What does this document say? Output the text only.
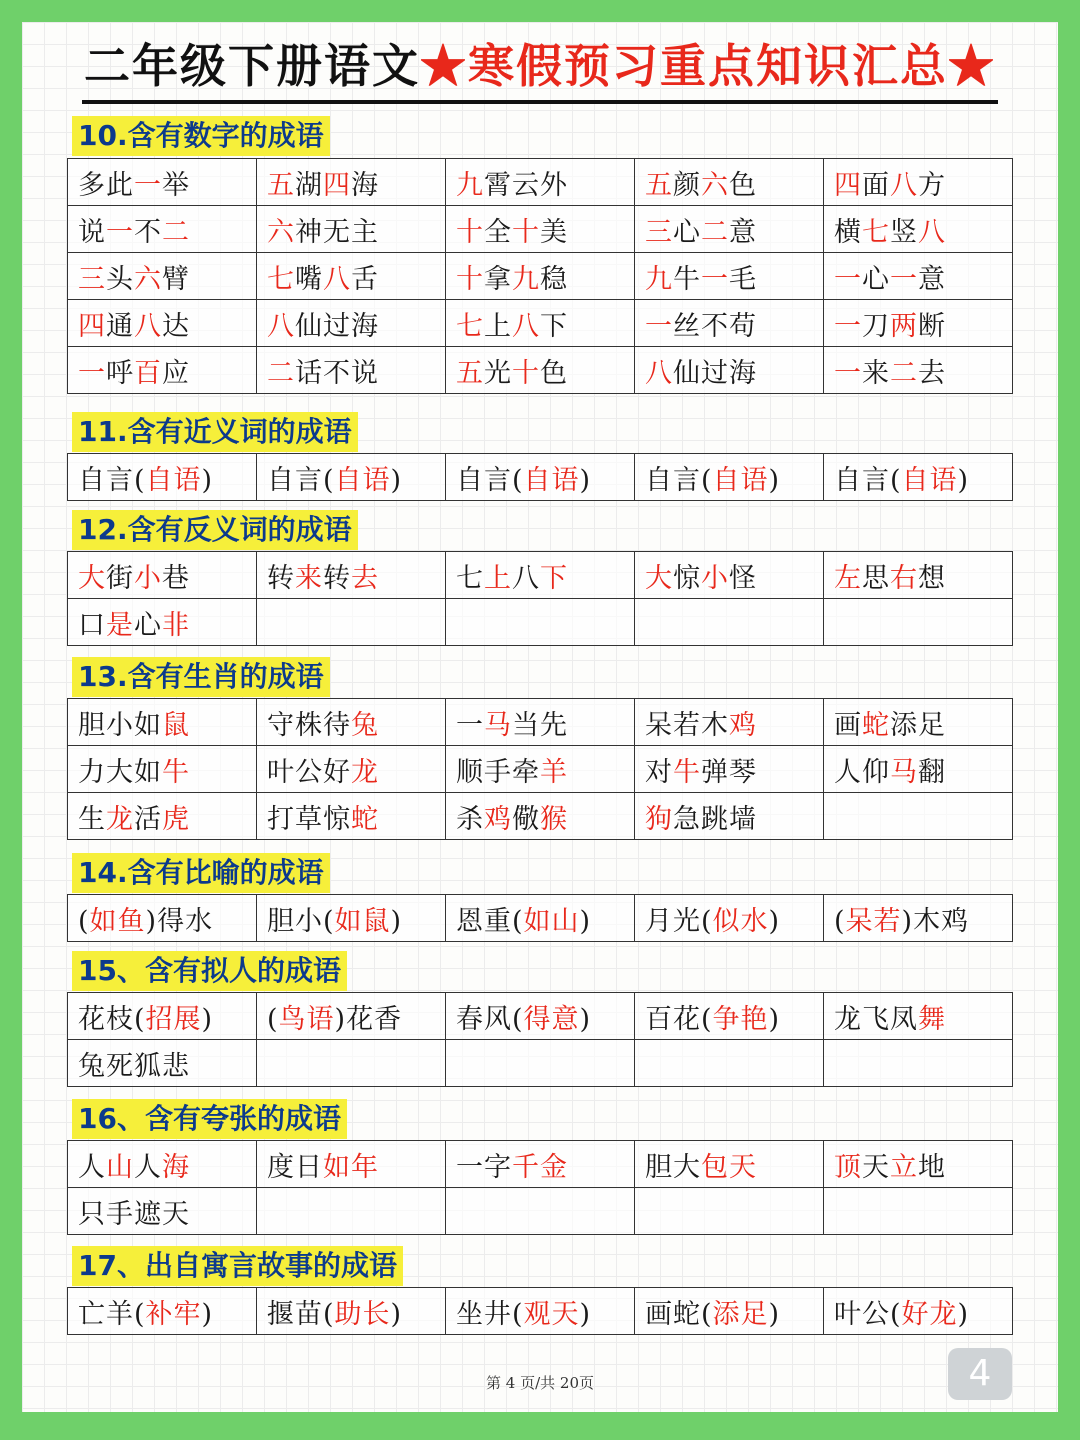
二年级下册语文★寒假预习重点知识汇总★
10.含有数字的成语
多此一举	五湖四海	九霄云外	五颜六色	四面八方
说一不二	六神无主	十全十美	三心二意	横七竖八
三头六臂	七嘴八舌	十拿九稳	九牛一毛	一心一意
四通八达	八仙过海	七上八下	一丝不苟	一刀两断
一呼百应	二话不说	五光十色	八仙过海	一来二去
11.含有近义词的成语
自言(自语)	自言(自语)	自言(自语)	自言(自语)	自言(自语)
12.含有反义词的成语
大街小巷	转来转去	七上八下	大惊小怪	左思右想
口是心非				
13.含有生肖的成语
胆小如鼠	守株待兔	一马当先	呆若木鸡	画蛇添足
力大如牛	叶公好龙	顺手牵羊	对牛弹琴	人仰马翻
生龙活虎	打草惊蛇	杀鸡儆猴	狗急跳墙	
14.含有比喻的成语
(如鱼)得水	胆小(如鼠)	恩重(如山)	月光(似水)	(呆若)木鸡
15、含有拟人的成语
花枝(招展)	(鸟语)花香	春风(得意)	百花(争艳)	龙飞凤舞
兔死狐悲				
16、含有夸张的成语
人山人海	度日如年	一字千金	胆大包天	顶天立地
只手遮天				
17、出自寓言故事的成语
亡羊(补牢)	揠苗(助长)	坐井(观天)	画蛇(添足)	叶公(好龙)
第 4 页/共 20页	4
